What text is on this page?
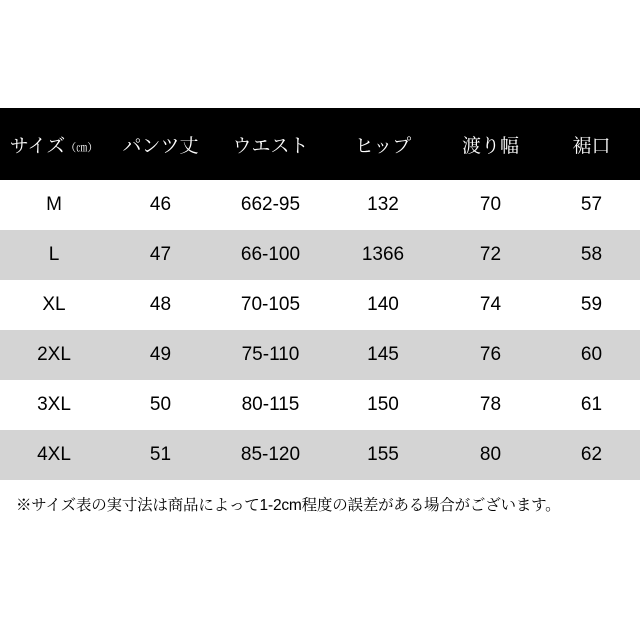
サイズ（㎝）	パンツ丈	ウエスト	ヒップ	渡り幅	裾口
M	46	662-95	132	70	57
L	47	66-100	1366	72	58
XL	48	70-105	140	74	59
2XL	49	75-110	145	76	60
3XL	50	80-115	150	78	61
4XL	51	85-120	155	80	62
※サイズ表の実寸法は商品によって1-2cm程度の誤差がある場合がございます。
